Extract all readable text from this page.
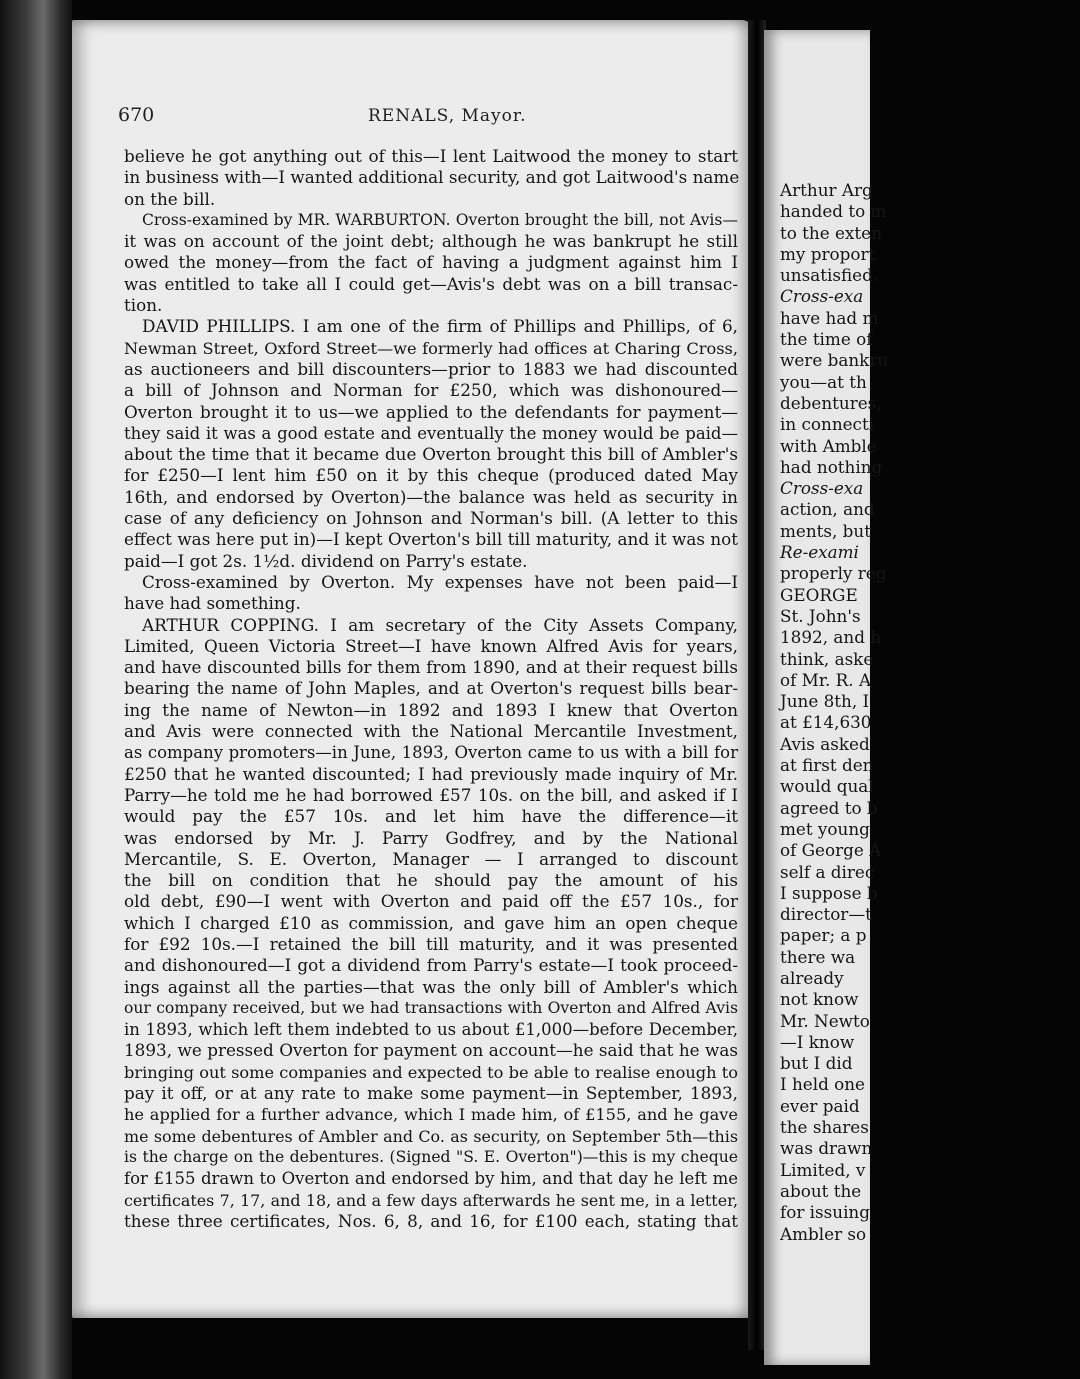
Arthur Arg
handed to m
to the exten
my proport
unsatisfied.
Cross-exa
have had m
the time of
were bankru
you—at th
debentures,
in connecti
with Amble
had nothing
Cross-exa
action, and
ments, but
Re-exami
properly reg
GEORGE
St. John's
1892, and h
think, aske
of Mr. R. A
June 8th, I
at £14,630
Avis asked
at first den
would qual
agreed to b
met young
of George A
self a direc
I suppose b
director—t
paper; a p
there wa
already
not know
Mr. Newto
—I know
but I did
I held one
ever paid
the shares
was drawn
Limited, v
about the
for issuing
Ambler so
670	RENALS, Mayor.
believe he got anything out of this—I lent Laitwood the money to start
in business with—I wanted additional security, and got Laitwood's name
on the bill.
Cross-examined by MR. WARBURTON. Overton brought the bill, not Avis—
it was on account of the joint debt; although he was bankrupt he still
owed the money—from the fact of having a judgment against him I
was entitled to take all I could get—Avis's debt was on a bill transac-
tion.
DAVID PHILLIPS. I am one of the firm of Phillips and Phillips, of 6,
Newman Street, Oxford Street—we formerly had offices at Charing Cross,
as auctioneers and bill discounters—prior to 1883 we had discounted
a bill of Johnson and Norman for £250, which was dishonoured—
Overton brought it to us—we applied to the defendants for payment—
they said it was a good estate and eventually the money would be paid—
about the time that it became due Overton brought this bill of Ambler's
for £250—I lent him £50 on it by this cheque (produced dated May
16th, and endorsed by Overton)—the balance was held as security in
case of any deficiency on Johnson and Norman's bill. (A letter to this
effect was here put in)—I kept Overton's bill till maturity, and it was not
paid—I got 2s. 1½d. dividend on Parry's estate.
Cross-examined by Overton. My expenses have not been paid—I
have had something.
ARTHUR COPPING. I am secretary of the City Assets Company,
Limited, Queen Victoria Street—I have known Alfred Avis for years,
and have discounted bills for them from 1890, and at their request bills
bearing the name of John Maples, and at Overton's request bills bear-
ing the name of Newton—in 1892 and 1893 I knew that Overton
and Avis were connected with the National Mercantile Investment,
as company promoters—in June, 1893, Overton came to us with a bill for
£250 that he wanted discounted; I had previously made inquiry of Mr.
Parry—he told me he had borrowed £57 10s. on the bill, and asked if I
would pay the £57 10s. and let him have the difference—it
was endorsed by Mr. J. Parry Godfrey, and by the National
Mercantile, S. E. Overton, Manager — I arranged to discount
the bill on condition that he should pay the amount of his
old debt, £90—I went with Overton and paid off the £57 10s., for
which I charged £10 as commission, and gave him an open cheque
for £92 10s.—I retained the bill till maturity, and it was presented
and dishonoured—I got a dividend from Parry's estate—I took proceed-
ings against all the parties—that was the only bill of Ambler's which
our company received, but we had transactions with Overton and Alfred Avis
in 1893, which left them indebted to us about £1,000—before December,
1893, we pressed Overton for payment on account—he said that he was
bringing out some companies and expected to be able to realise enough to
pay it off, or at any rate to make some payment—in September, 1893,
he applied for a further advance, which I made him, of £155, and he gave
me some debentures of Ambler and Co. as security, on September 5th—this
is the charge on the debentures. (Signed "S. E. Overton")—this is my cheque
for £155 drawn to Overton and endorsed by him, and that day he left me
certificates 7, 17, and 18, and a few days afterwards he sent me, in a letter,
these three certificates, Nos. 6, 8, and 16, for £100 each, stating that
